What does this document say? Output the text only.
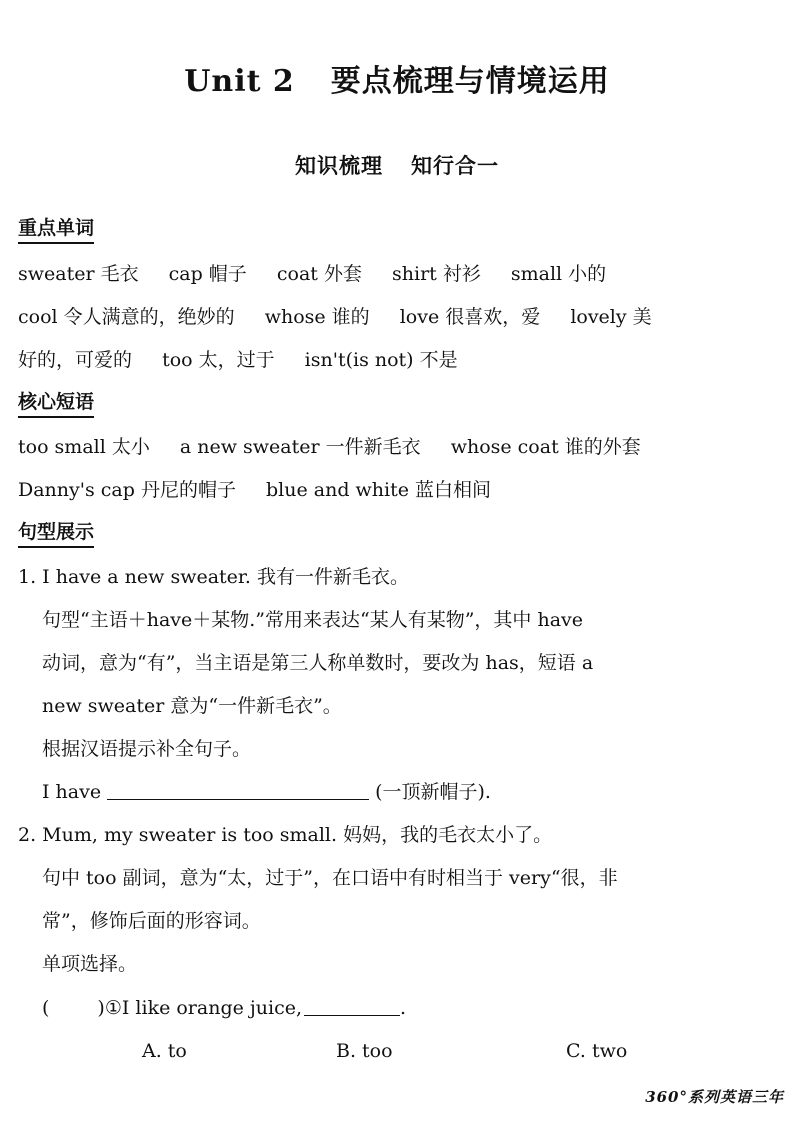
Unit 2 要点梳理与情境运用
知识梳理 知行合一
重点单词
sweater 毛衣 cap 帽子 coat 外套 shirt 衬衫 small 小的
cool 令人满意的，绝妙的 whose 谁的 love 很喜欢，爱 lovely 美
好的，可爱的 too 太，过于 isn't(is not) 不是
核心短语
too small 太小 a new sweater 一件新毛衣 whose coat 谁的外套
Danny's cap 丹尼的帽子 blue and white 蓝白相间
句型展示
1. I have a new sweater. 我有一件新毛衣。
句型“主语＋have＋某物.”常用来表达“某人有某物”，其中 have
动词，意为“有”，当主语是第三人称单数时，要改为 has，短语 a
new sweater 意为“一件新毛衣”。
根据汉语提示补全句子。
I have	(一顶新帽子).
2. Mum, my sweater is too small. 妈妈，我的毛衣太小了。
句中 too 副词，意为“太，过于”，在口语中有时相当于 very“很，非
常”，修饰后面的形容词。
单项选择。
(	)①I like orange juice,	.
A. to	B. too	C. two
360°系列英语三年
